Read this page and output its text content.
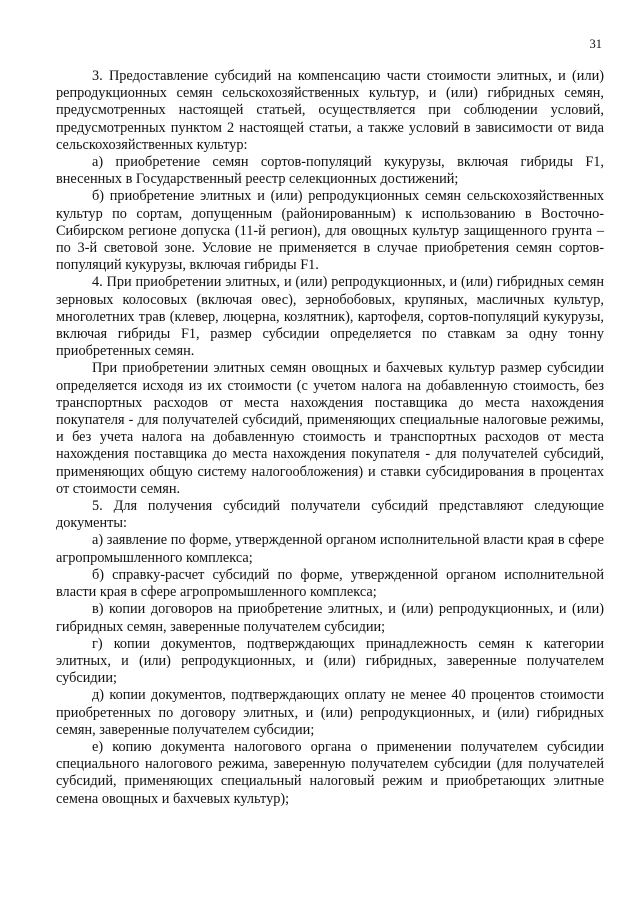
31

3. Предоставление субсидий на компенсацию части стоимости элитных, и (или) репродукционных семян сельскохозяйственных культур, и (или) гибридных семян, предусмотренных настоящей статьей, осуществляется при соблюдении условий, предусмотренных пунктом 2 настоящей статьи, а также условий в зависимости от вида сельскохозяйственных культур:

а) приобретение семян сортов-популяций кукурузы, включая гибриды F1, внесенных в Государственный реестр селекционных достижений;

б) приобретение элитных и (или) репродукционных семян сельскохозяйственных культур по сортам, допущенным (районированным) к использованию в Восточно-Сибирском регионе допуска (11-й регион), для овощных культур защищенного грунта – по 3-й световой зоне. Условие не применяется в случае приобретения семян сортов-популяций кукурузы, включая гибриды F1.

4. При приобретении элитных, и (или) репродукционных, и (или) гибридных семян зерновых колосовых (включая овес), зернобобовых, крупяных, масличных культур, многолетних трав (клевер, люцерна, козлятник), картофеля, сортов-популяций кукурузы, включая гибриды F1, размер субсидии определяется по ставкам за одну тонну приобретенных семян.

При приобретении элитных семян овощных и бахчевых культур размер субсидии определяется исходя из их стоимости (с учетом налога на добавленную стоимость, без транспортных расходов от места нахождения поставщика до места нахождения покупателя - для получателей субсидий, применяющих специальные налоговые режимы, и без учета налога на добавленную стоимость и транспортных расходов от места нахождения поставщика до места нахождения покупателя - для получателей субсидий, применяющих общую систему налогообложения) и ставки субсидирования в процентах от стоимости семян.

5. Для получения субсидий получатели субсидий представляют следующие документы:

а) заявление по форме, утвержденной органом исполнительной власти края в сфере агропромышленного комплекса;

б) справку-расчет субсидий по форме, утвержденной органом исполнительной власти края в сфере агропромышленного комплекса;

в) копии договоров на приобретение элитных, и (или) репродукционных, и (или) гибридных семян, заверенные получателем субсидии;

г) копии документов, подтверждающих принадлежность семян к категории элитных, и (или) репродукционных, и (или) гибридных, заверенные получателем субсидии;

д) копии документов, подтверждающих оплату не менее 40 процентов стоимости приобретенных по договору элитных, и (или) репродукционных, и (или) гибридных семян, заверенные получателем субсидии;

е) копию документа налогового органа о применении получателем субсидии специального налогового режима, заверенную получателем субсидии (для получателей субсидий, применяющих специальный налоговый режим и приобретающих элитные семена овощных и бахчевых культур);
